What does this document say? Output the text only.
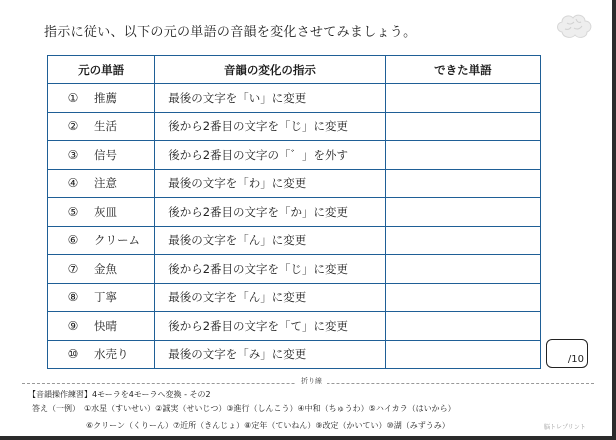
指示に従い、以下の元の単語の音韻を変化させてみましょう。
元の単語	音韻の変化の指示	できた単語
① 推薦	最後の文字を「い」に変更	
② 生活	後から2番目の文字を「じ」に変更	
③ 信号	後から2番目の文字の「゛」を外す	
④ 注意	最後の文字を「わ」に変更	
⑤ 灰皿	後から2番目の文字を「か」に変更	
⑥ クリーム	最後の文字を「ん」に変更	
⑦ 金魚	後から2番目の文字を「じ」に変更	
⑧ 丁寧	最後の文字を「ん」に変更	
⑨ 快晴	後から2番目の文字を「て」に変更	
⑩ 水売り	最後の文字を「み」に変更		/10
折り線
【音韻操作練習】4モーラを4モーラへ変換 - その2
答え（一例）　①水星（すいせい）②誠実（せいじつ）③進行（しんこう）④中和（ちゅうわ）⑤ハイカラ（はいから）
⑥クリーン（くりーん）⑦近所（きんじょ）⑧定年（ていねん）⑨改定（かいてい）⑩湖（みずうみ）	脳トレプリント
